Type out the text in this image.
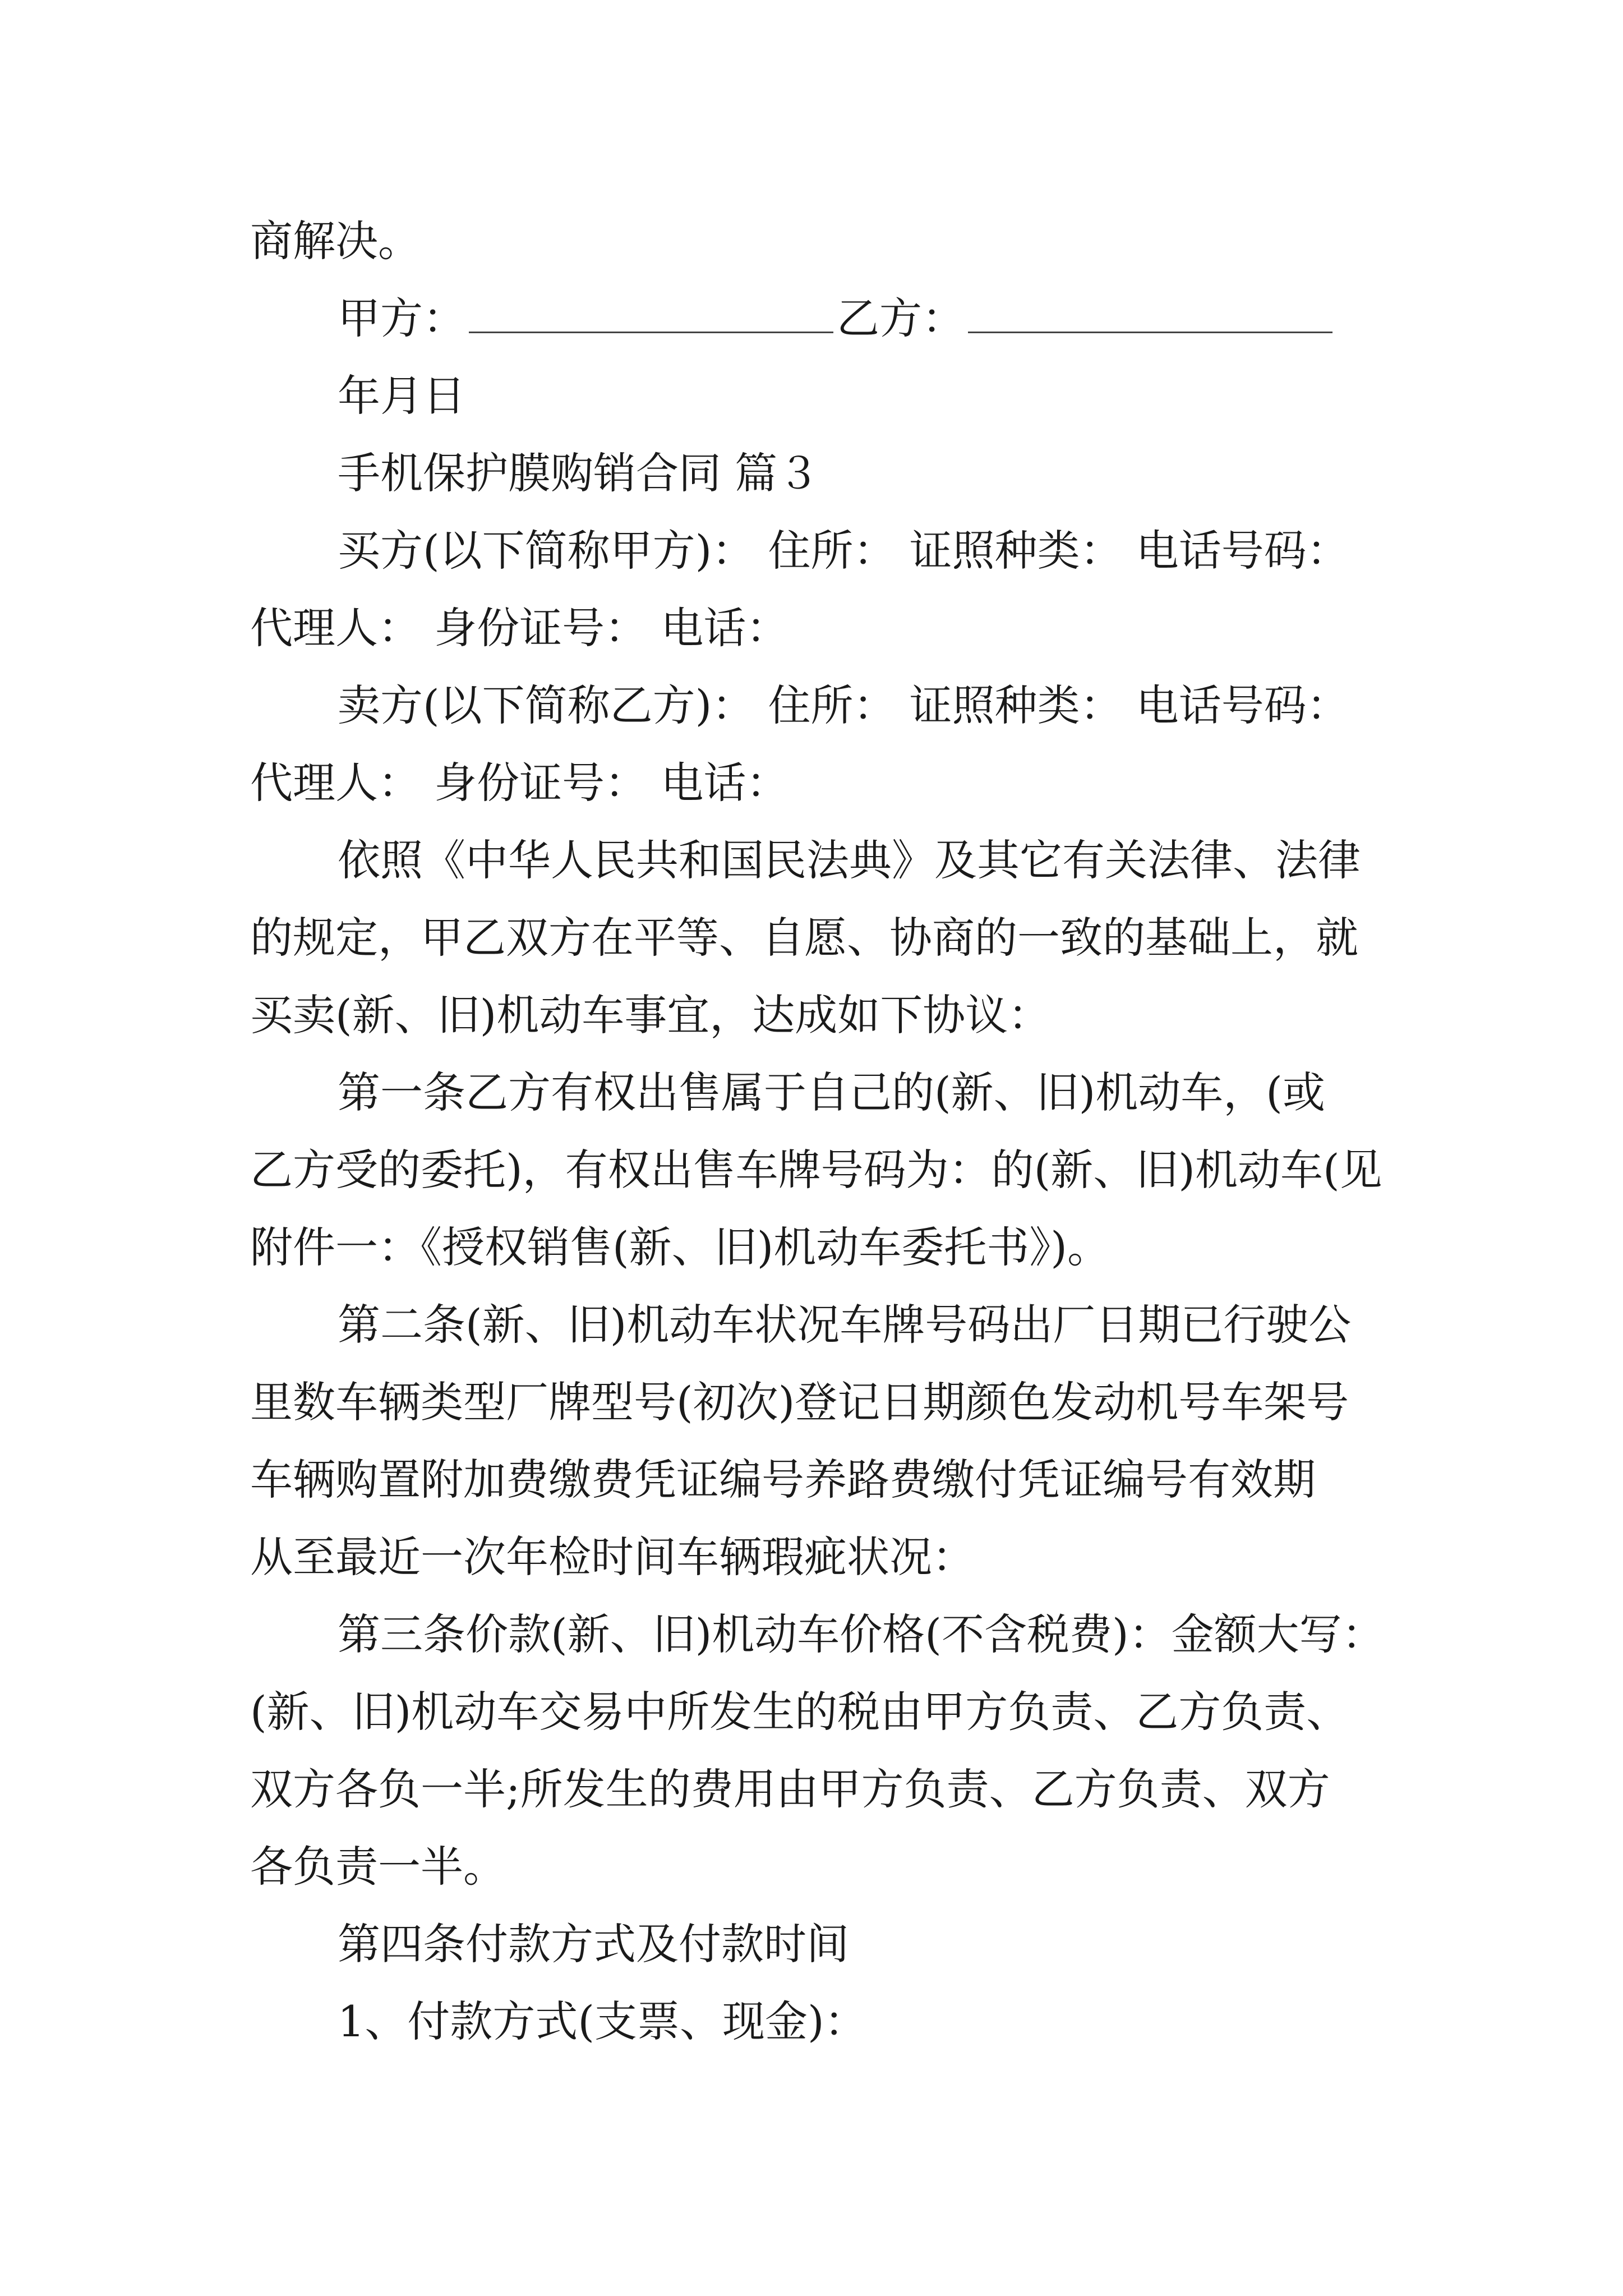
商解决。
甲方：	乙方：
年月日
手机保护膜购销合同 篇３
买方(以下简称甲方)： 住所： 证照种类： 电话号码：
代理人： 身份证号： 电话：
卖方(以下简称乙方)： 住所： 证照种类： 电话号码：
代理人： 身份证号： 电话：
依照《中华人民共和国民法典》及其它有关法律、法律
的规定，甲乙双方在平等、自愿、协商的一致的基础上，就
买卖(新、旧)机动车事宜，达成如下协议：
第一条乙方有权出售属于自己的(新、旧)机动车，(或
乙方受的委托)，有权出售车牌号码为：的(新、旧)机动车(见
附件一：《授权销售(新、旧)机动车委托书》)。
第二条(新、旧)机动车状况车牌号码出厂日期已行驶公
里数车辆类型厂牌型号(初次)登记日期颜色发动机号车架号
车辆购置附加费缴费凭证编号养路费缴付凭证编号有效期
从至最近一次年检时间车辆瑕疵状况：
第三条价款(新、旧)机动车价格(不含税费)：金额大写：
(新、旧)机动车交易中所发生的税由甲方负责、乙方负责、
双方各负一半;所发生的费用由甲方负责、乙方负责、双方
各负责一半。
第四条付款方式及付款时间
1、付款方式(支票、现金)：
